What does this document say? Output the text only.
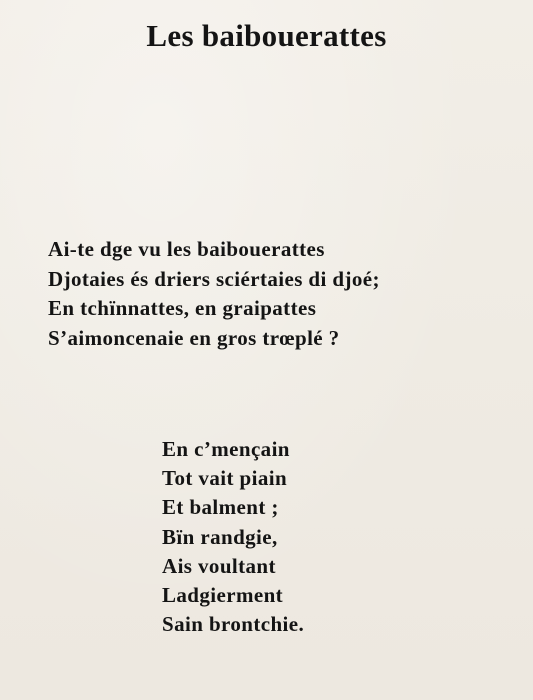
Les baibouerattes
Ai-te dge vu les baibouerattes
Djotaies és driers sciértaies di djoé;
En tchïnnattes, en graipattes
S’aimoncenaie en gros trœplé ?
En c’mençain
Tot vait piain
Et balment ;
Bïn randgie,
Ais voultant
Ladgierment
Sain brontchie.
